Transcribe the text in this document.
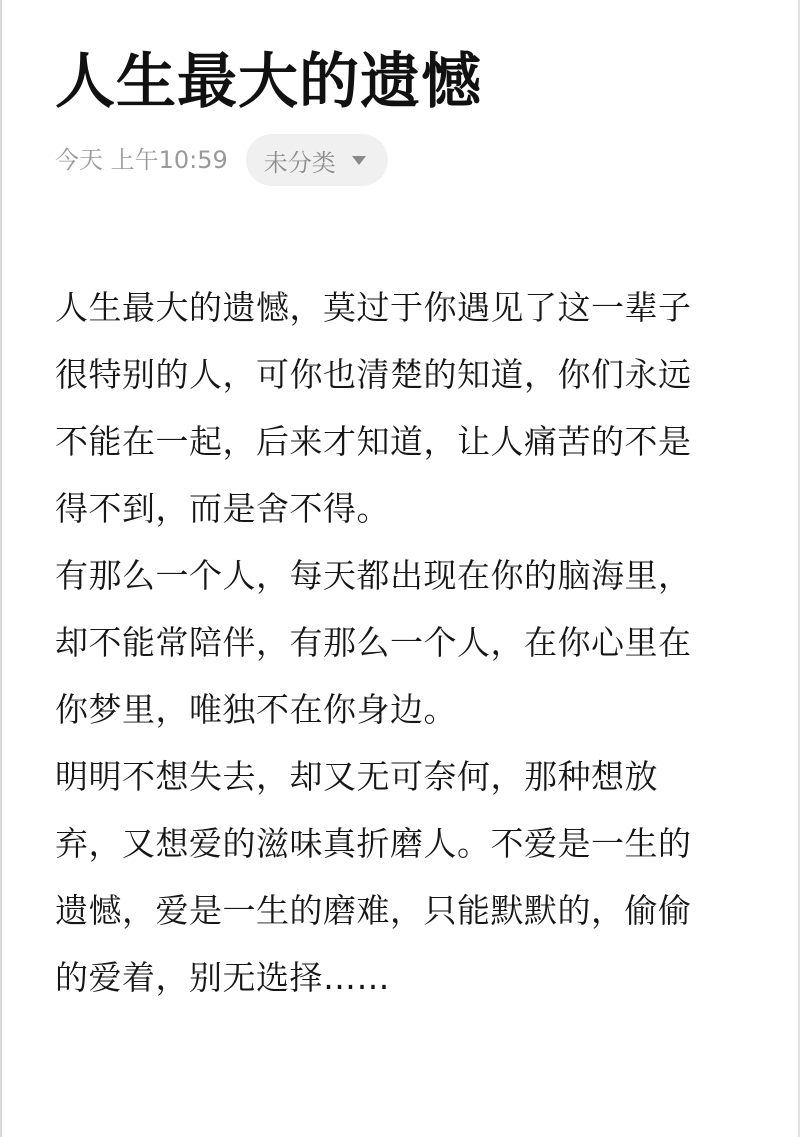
人生最大的遗憾
今天 上午10:59 未分类

人生最大的遗憾，莫过于你遇见了这一辈子

很特别的人，可你也清楚的知道，你们永远

不能在一起，后来才知道，让人痛苦的不是

得不到，而是舍不得。

有那么一个人，每天都出现在你的脑海里，

却不能常陪伴，有那么一个人，在你心里在

你梦里，唯独不在你身边。

明明不想失去，却又无可奈何，那种想放

弃，又想爱的滋味真折磨人。不爱是一生的

遗憾，爱是一生的磨难，只能默默的，偷偷

的爱着，别无选择……
